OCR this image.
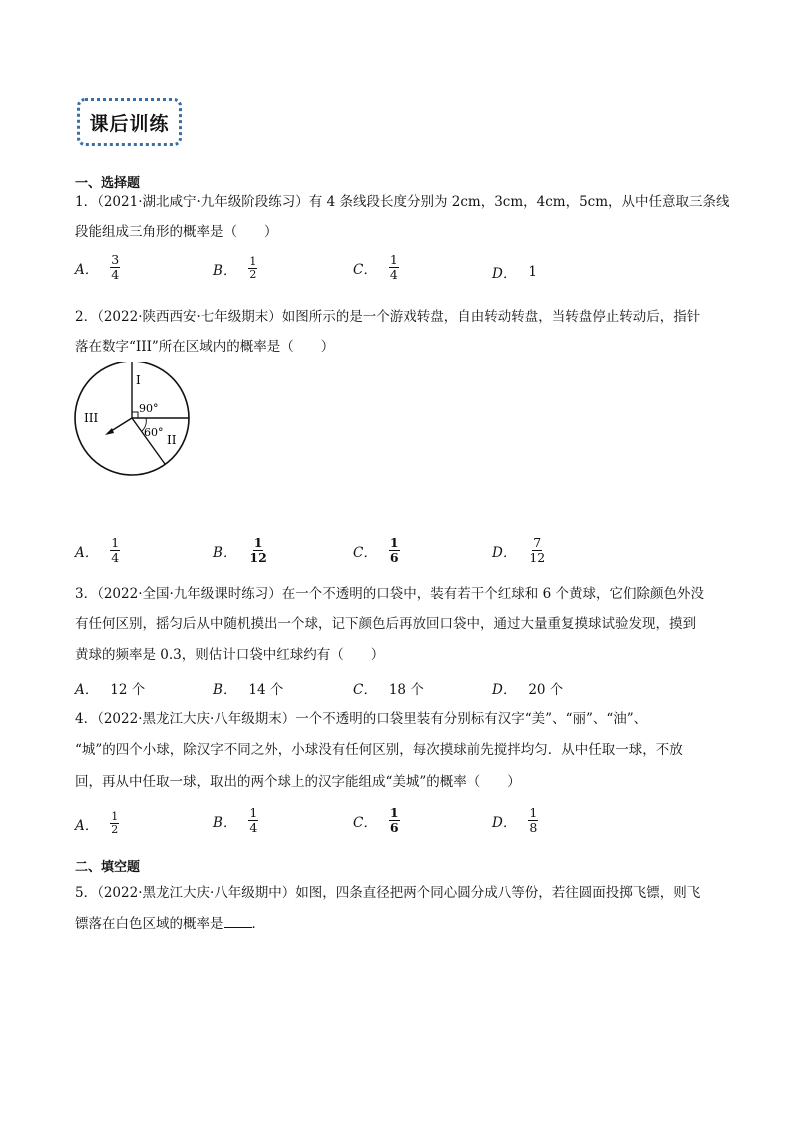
课后训练
一、选择题
1．（2021·湖北咸宁·九年级阶段练习）有 4 条线段长度分别为 2cm，3cm，4cm，5cm，从中任意取三条线
段能组成三角形的概率是（　　）
A． $\frac{3}{4}$	B． $\frac{1}{2}$	C． $\frac{1}{4}$	D． 1
2．（2022·陕西西安·七年级期末）如图所示的是一个游戏转盘，自由转动转盘，当转盘停止转动后，指针
落在数字“III”所在区域内的概率是（　　）
I
II
III
90°
60°
A． $\frac{1}{4}$	B． $\frac{1}{12}$	C． $\frac{1}{6}$	D． $\frac{7}{12}$
3．（2022·全国·九年级课时练习）在一个不透明的口袋中，装有若干个红球和 6 个黄球，它们除颜色外没
有任何区别，摇匀后从中随机摸出一个球，记下颜色后再放回口袋中，通过大量重复摸球试验发现，摸到
黄球的频率是 0.3，则估计口袋中红球约有（　　）
A． 12 个	B． 14 个	C． 18 个	D． 20 个
4．（2022·黑龙江大庆·八年级期末）一个不透明的口袋里装有分别标有汉字“美”、“丽”、“油”、
“城”的四个小球，除汉字不同之外，小球没有任何区别，每次摸球前先搅拌均匀．从中任取一球，不放
回，再从中任取一球，取出的两个球上的汉字能组成“美城”的概率（　　）
A． $\frac{1}{2}$	B． $\frac{1}{4}$	C． $\frac{1}{6}$	D． $\frac{1}{8}$
二、填空题
5．（2022·黑龙江大庆·八年级期中）如图，四条直径把两个同心圆分成八等份，若往圆面投掷飞镖，则飞
镖落在白色区域的概率是 ．
